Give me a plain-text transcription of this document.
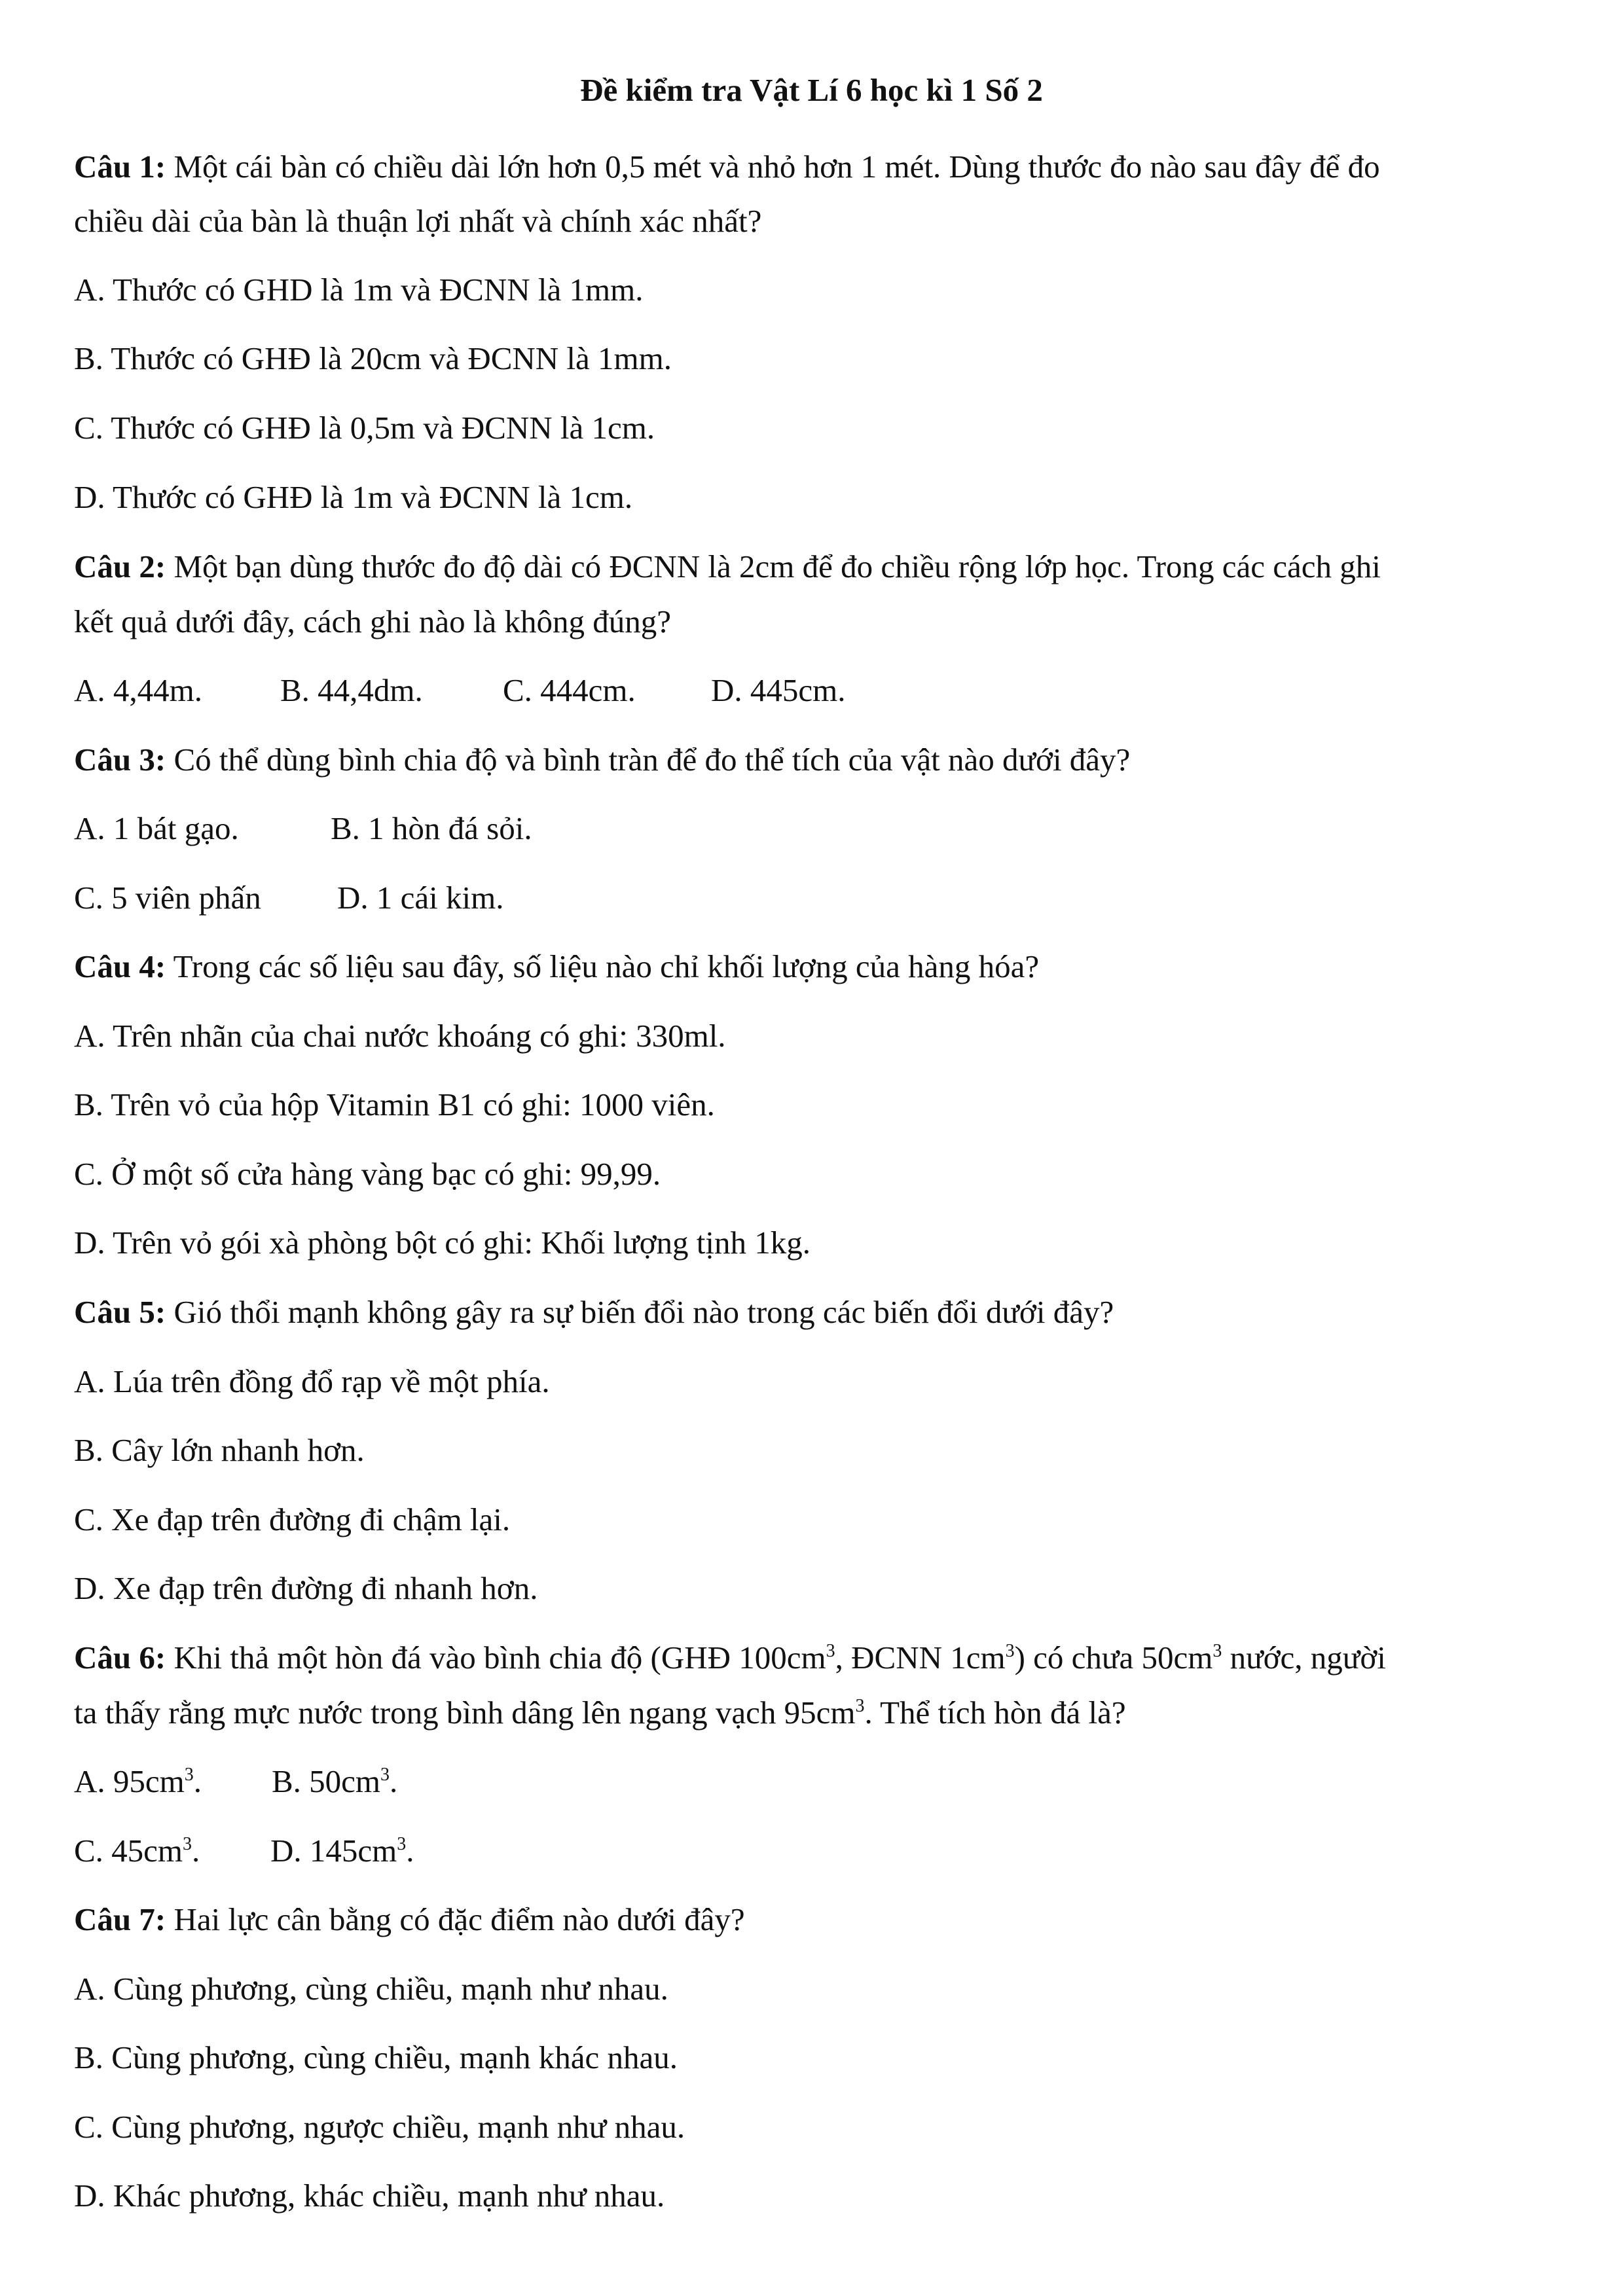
Đề kiểm tra Vật Lí 6 học kì 1 Số 2
Câu 1: Một cái bàn có chiều dài lớn hơn 0,5 mét và nhỏ hơn 1 mét. Dùng thước đo nào sau đây để đo
chiều dài của bàn là thuận lợi nhất và chính xác nhất?
A. Thước có GHD là 1m và ĐCNN là 1mm.
B. Thước có GHĐ là 20cm và ĐCNN là 1mm.
C. Thước có GHĐ là 0,5m và ĐCNN là 1cm.
D. Thước có GHĐ là 1m và ĐCNN là 1cm.
Câu 2: Một bạn dùng thước đo độ dài có ĐCNN là 2cm để đo chiều rộng lớp học. Trong các cách ghi
kết quả dưới đây, cách ghi nào là không đúng?
A. 4,44m. B. 44,4dm. C. 444cm. D. 445cm.
Câu 3: Có thể dùng bình chia độ và bình tràn để đo thể tích của vật nào dưới đây?
A. 1 bát gạo.	B. 1 hòn đá sỏi.
C. 5 viên phấn D. 1 cái kim.
Câu 4: Trong các số liệu sau đây, số liệu nào chỉ khối lượng của hàng hóa?
A. Trên nhãn của chai nước khoáng có ghi: 330ml.
B. Trên vỏ của hộp Vitamin B1 có ghi: 1000 viên.
C. Ở một số cửa hàng vàng bạc có ghi: 99,99.
D. Trên vỏ gói xà phòng bột có ghi: Khối lượng tịnh 1kg.
Câu 5: Gió thổi mạnh không gây ra sự biến đổi nào trong các biến đổi dưới đây?
A. Lúa trên đồng đổ rạp về một phía.
B. Cây lớn nhanh hơn.
C. Xe đạp trên đường đi chậm lại.
D. Xe đạp trên đường đi nhanh hơn.
Câu 6: Khi thả một hòn đá vào bình chia độ (GHĐ $100cm^3$, ĐCNN $1cm^3$) có chưa $50cm^3$ nước, người
ta thấy rằng mực nước trong bình dâng lên ngang vạch $95cm^3$. Thể tích hòn đá là?
A. $95cm^3$. B. $50cm^3$.
C. $45cm^3$. D. $145cm^3$.
Câu 7: Hai lực cân bằng có đặc điểm nào dưới đây?
A. Cùng phương, cùng chiều, mạnh như nhau.
B. Cùng phương, cùng chiều, mạnh khác nhau.
C. Cùng phương, ngược chiều, mạnh như nhau.
D. Khác phương, khác chiều, mạnh như nhau.
